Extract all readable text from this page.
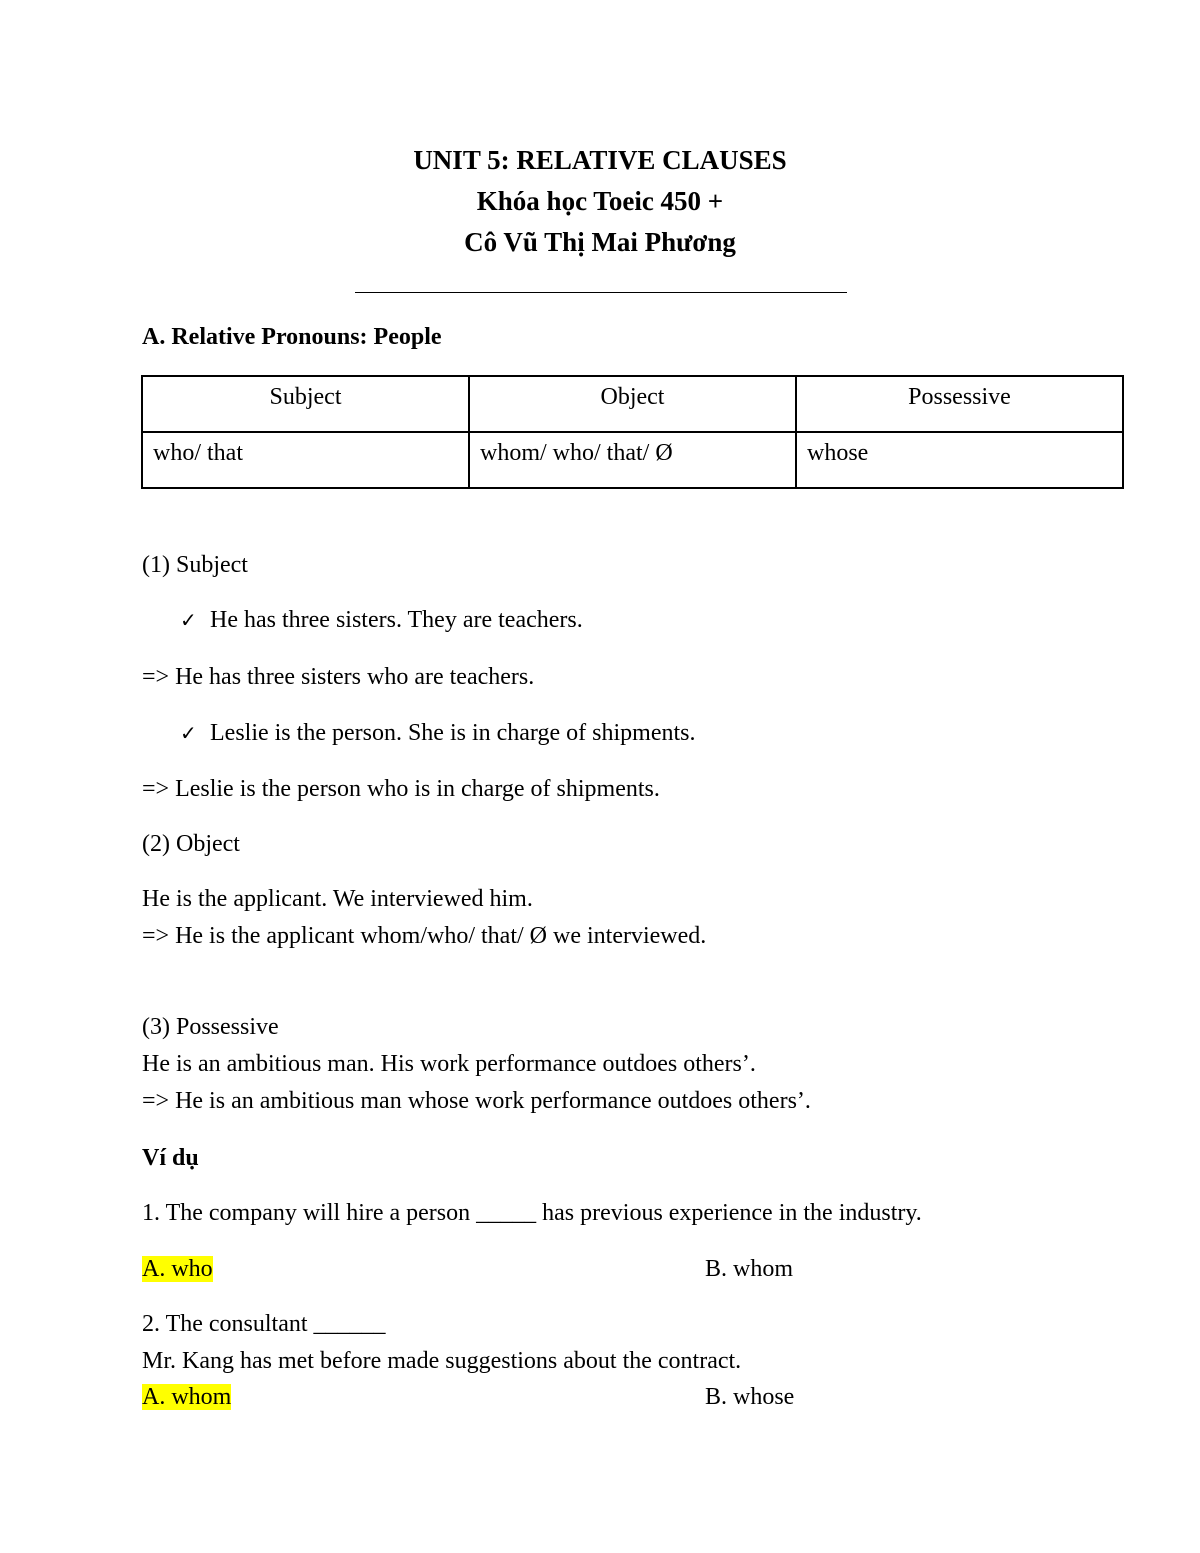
UNIT 5: RELATIVE CLAUSES
Khóa học Toeic 450 +
Cô Vũ Thị Mai Phương
A. Relative Pronouns: People
Subject	Object	Possessive

who/ that	whom/ who/ that/ Ø	whose
(1) Subject
✓ He has three sisters. They are teachers.
=> He has three sisters who are teachers.
✓ Leslie is the person. She is in charge of shipments.
=> Leslie is the person who is in charge of shipments.
(2) Object
He is the applicant. We interviewed him.
=> He is the applicant whom/who/ that/ Ø we interviewed.
(3) Possessive
He is an ambitious man. His work performance outdoes others’.
=> He is an ambitious man whose work performance outdoes others’.
Ví dụ
1. The company will hire a person _____ has previous experience in the industry.
A. who	B. whom
2. The consultant ______
Mr. Kang has met before made suggestions about the contract.
A. whom	B. whose
